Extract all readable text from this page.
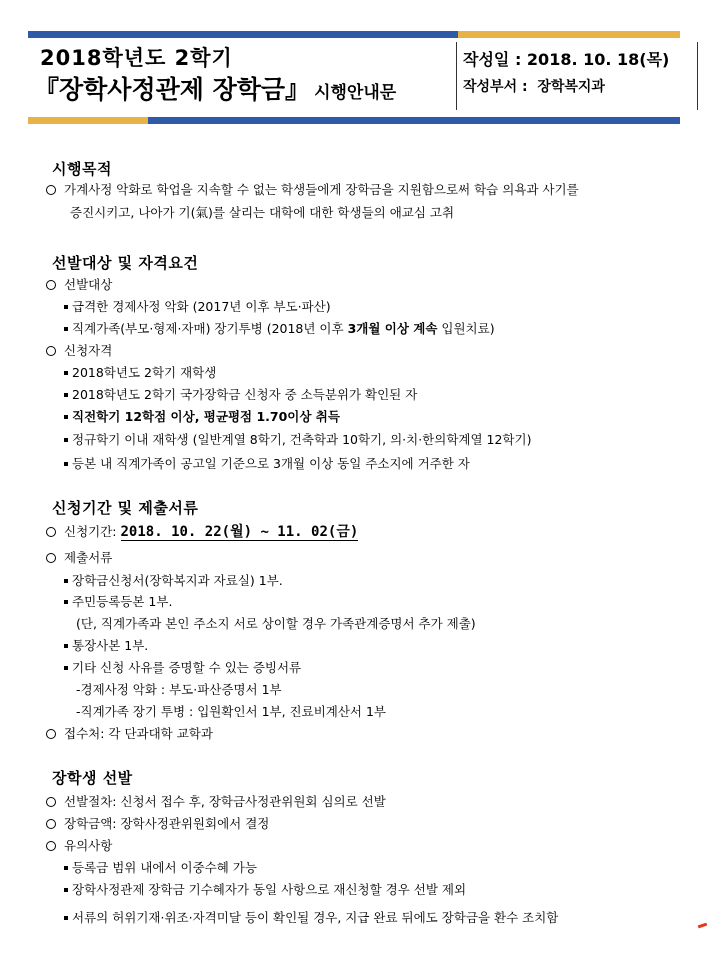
2018학년도 2학기
『장학사정관제 장학금』 시행안내문
작성일 : 2018. 10. 18(목)
작성부서 : 장학복지과
시행목적
가계사정 악화로 학업을 지속할 수 없는 학생들에게 장학금을 지원함으로써 학습 의욕과 사기를
증진시키고, 나아가 기(氣)를 살리는 대학에 대한 학생들의 애교심 고취
선발대상 및 자격요건
선발대상
급격한 경제사정 악화 (2017년 이후 부도·파산)
직계가족(부모·형제·자매) 장기투병 (2018년 이후 3개월 이상 계속 입원치료)
신청자격
2018학년도 2학기 재학생
2018학년도 2학기 국가장학금 신청자 중 소득분위가 확인된 자
직전학기 12학점 이상, 평균평점 1.70이상 취득
정규학기 이내 재학생 (일반계열 8학기, 건축학과 10학기, 의·치·한의학계열 12학기)
등본 내 직계가족이 공고일 기준으로 3개월 이상 동일 주소지에 거주한 자
신청기간 및 제출서류
신청기간: 2018. 10. 22(월) ~ 11. 02(금)
제출서류
장학금신청서(장학복지과 자료실) 1부.
주민등록등본 1부.
(단, 직계가족과 본인 주소지 서로 상이할 경우 가족관계증명서 추가 제출)
통장사본 1부.
기타 신청 사유를 증명할 수 있는 증빙서류
-경제사정 악화 : 부도·파산증명서 1부
-직계가족 장기 투병 : 입원확인서 1부, 진료비계산서 1부
접수처: 각 단과대학 교학과
장학생 선발
선발절차: 신청서 접수 후, 장학금사정관위원회 심의로 선발
장학금액: 장학사정관위원회에서 결정
유의사항
등록금 범위 내에서 이중수혜 가능
장학사정관제 장학금 기수혜자가 동일 사항으로 재신청할 경우 선발 제외
서류의 허위기재·위조·자격미달 등이 확인될 경우, 지급 완료 뒤에도 장학금을 환수 조치함
